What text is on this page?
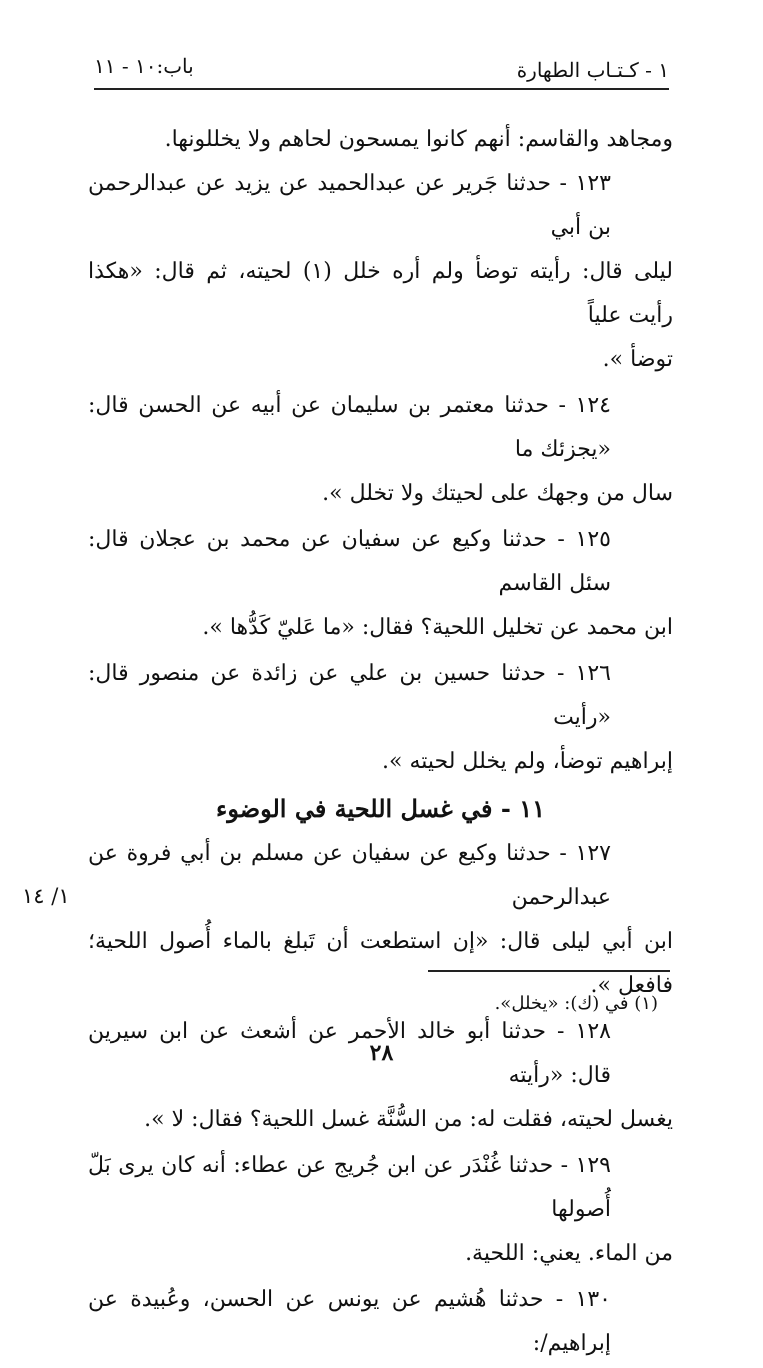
١ - كـتـاب الطهارة
باب:١٠ - ١١

ومجاهد والقاسم: أنهم كانوا يمسحون لحاهم ولا يخللونها.

١٢٣ - حدثنا جَرير عن عبدالحميد عن يزيد عن عبدالرحمن بن أبي

ليلى قال: رأيته توضأ ولم أره خلل (١) لحيته، ثم قال: «هكذا رأيت علياً

توضأ ».

١٢٤ - حدثنا معتمر بن سليمان عن أبيه عن الحسن قال: «يجزئك ما

سال من وجهك على لحيتك ولا تخلل ».

١٢٥ - حدثنا وكيع عن سفيان عن محمد بن عجلان قال: سئل القاسم

ابن محمد عن تخليل اللحية؟ فقال: «ما عَليّ كَدُّها ».

١٢٦ - حدثنا حسين بن علي عن زائدة عن منصور قال: «رأيت

إبراهيم توضأ، ولم يخلل لحيته ».

١١ - في غسل اللحية في الوضوء

١٢٧ - حدثنا وكيع عن سفيان عن مسلم بن أبي فروة عن عبدالرحمن

ابن أبي ليلى قال: «إن استطعت أن تَبلغ بالماء أُصول اللحية؛ فافعل ».

١٢٨ - حدثنا أبو خالد الأحمر عن أشعث عن ابن سيرين قال: «رأيته

يغسل لحيته، فقلت له: من السُّنَّة غسل اللحية؟ فقال: لا ».

١٢٩ - حدثنا غُنْدَر عن ابن جُريج عن عطاء: أنه كان يرى بَلّ أُصولها

من الماء. يعني: اللحية.

١٣٠ - حدثنا هُشيم عن يونس عن الحسن، وعُبيدة عن إبراهيم/:

١/ ١٤
(١) في (ك): «يخلل».
٢٨
